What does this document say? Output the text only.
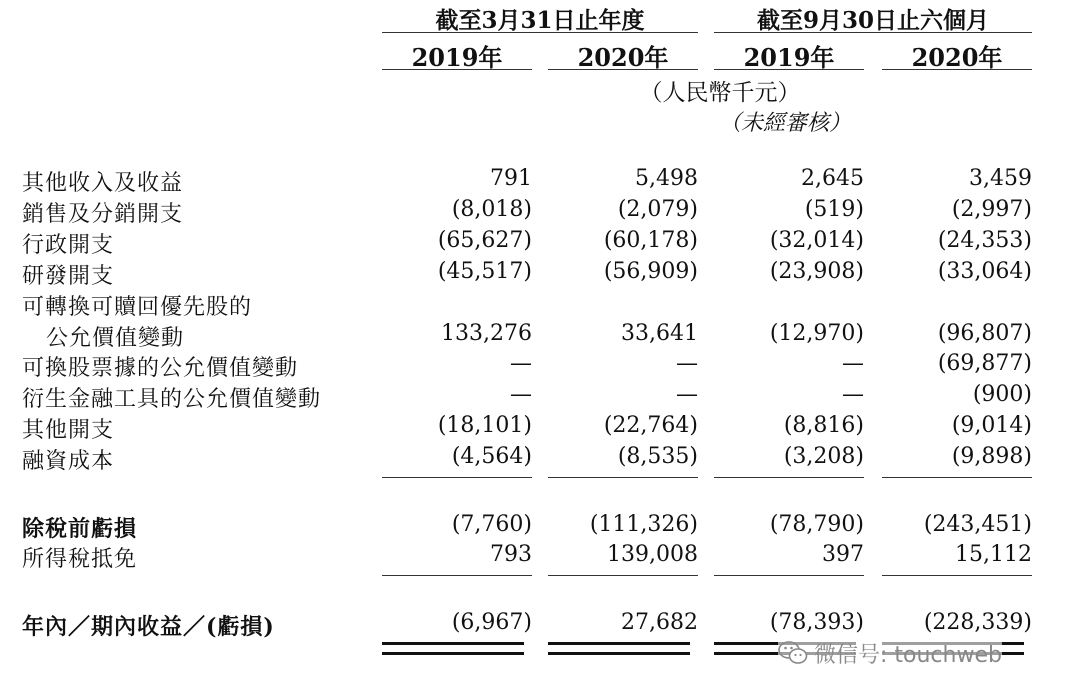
截至3月31日止年度	截至9月30日止六個月
2019年	2020年	2019年	2020年
（人民幣千元）
（未經審核）
其他收入及收益	791	5,498	2,645	3,459
銷售及分銷開支	(8,018)	(2,079)	(519)	(2,997)
行政開支	(65,627)	(60,178)	(32,014)	(24,353)
研發開支	(45,517)	(56,909)	(23,908)	(33,064)
可轉換可贖回優先股的
公允價值變動	133,276	33,641	(12,970)	(96,807)
可換股票據的公允價值變動	—	—	—	(69,877)
衍生金融工具的公允價值變動	—	—	—	(900)
其他開支	(18,101)	(22,764)	(8,816)	(9,014)
融資成本	(4,564)	(8,535)	(3,208)	(9,898)
除稅前虧損	(7,760)	(111,326)	(78,790)	(243,451)
所得稅抵免	793	139,008	397	15,112
年內／期內收益／(虧損)	(6,967)	27,682	(78,393)	(228,339)
微信号: touchweb
